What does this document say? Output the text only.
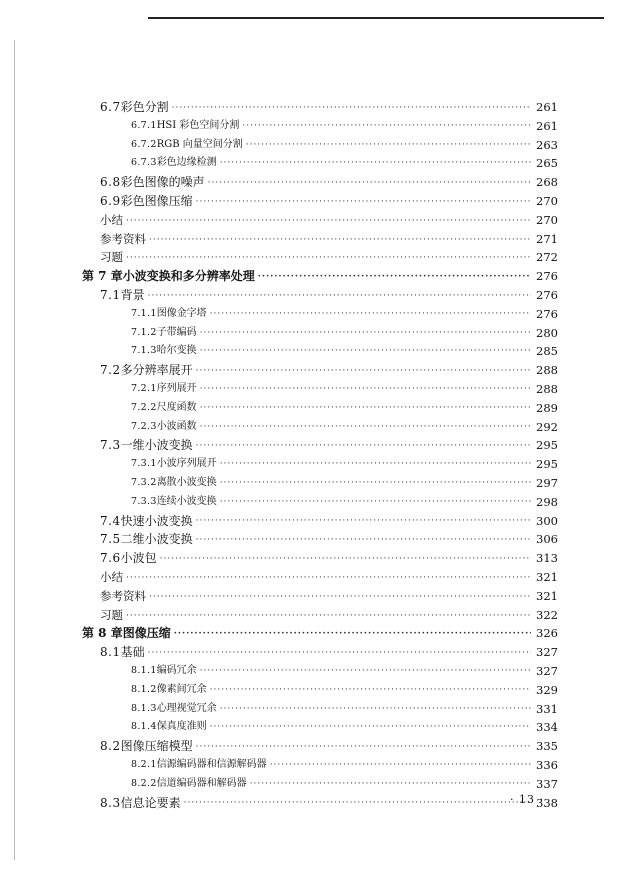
6.7 彩色分割 ·····	261
6.7.1 HSI 彩色空间分割 ·····	261
6.7.2 RGB 向量空间分割 ·····	263
6.7.3 彩色边缘检测 ·····	265
6.8 彩色图像的噪声 ·····	268
6.9 彩色图像压缩 ·····	270
小结 ·····	270
参考资料 ·····	271
习题 ·····	272
第 7 章 小波变换和多分辨率处理 ·····	276
7.1 背景 ·····	276
7.1.1 图像金字塔 ·····	276
7.1.2 子带编码 ·····	280
7.1.3 哈尔变换 ·····	285
7.2 多分辨率展开 ·····	288
7.2.1 序列展开 ·····	288
7.2.2 尺度函数 ·····	289
7.2.3 小波函数 ·····	292
7.3 一维小波变换 ·····	295
7.3.1 小波序列展开 ·····	295
7.3.2 离散小波变换 ·····	297
7.3.3 连续小波变换 ·····	298
7.4 快速小波变换 ·····	300
7.5 二维小波变换 ·····	306
7.6 小波包 ·····	313
小结 ·····	321
参考资料 ·····	321
习题 ·····	322
第 8 章 图像压缩 ·····	326
8.1 基础 ·····	327
8.1.1 编码冗余 ·····	327
8.1.2 像素间冗余 ·····	329
8.1.3 心理视觉冗余 ·····	331
8.1.4 保真度准则 ·····	334
8.2 图像压缩模型 ·····	335
8.2.1 信源编码器和信源解码器 ·····	336
8.2.2 信道编码器和解码器 ·····	337
8.3 信息论要素 ·····	338
· 13 ·
